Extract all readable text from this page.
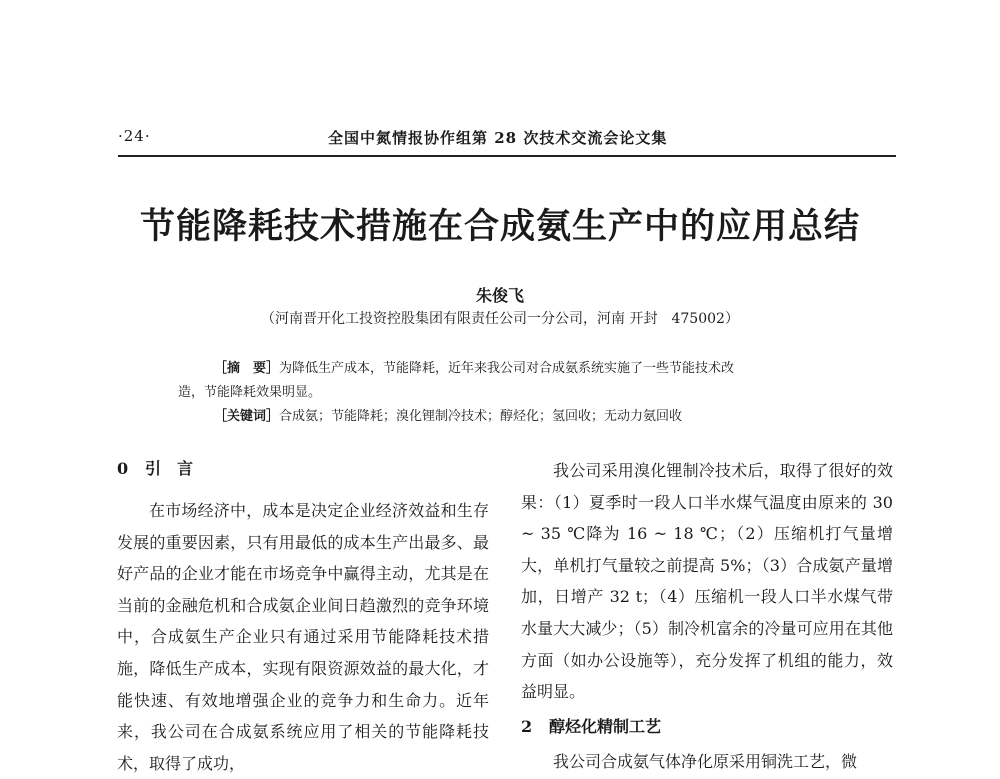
·24·	全国中氮情报协作组第 28 次技术交流会论文集
节能降耗技术措施在合成氨生产中的应用总结
朱俊飞
（河南晋开化工投资控股集团有限责任公司一分公司，河南 开封　475002）
［摘　要］为降低生产成本，节能降耗，近年来我公司对合成氨系统实施了一些节能技术改
造，节能降耗效果明显。
［关键词］合成氨；节能降耗；溴化锂制冷技术；醇烃化；氢回收；无动力氨回收
0 引　言
在市场经济中，成本是决定企业经济效益和生存发展的重要因素，只有用最低的成本生产出最多、最好产品的企业才能在市场竞争中赢得主动，尤其是在当前的金融危机和合成氨企业间日趋激烈的竞争环境中，合成氨生产企业只有通过采用节能降耗技术措施，降低生产成本，实现有限资源效益的最大化，才能快速、有效地增强企业的竞争力和生命力。近年来，我公司在合成氨系统应用了相关的节能降耗技术，取得了成功，
我公司采用溴化锂制冷技术后，取得了很好的效果：（1）夏季时一段人口半水煤气温度由原来的 30 ~ 35 ℃降为 16 ~ 18 ℃；（2）压缩机打气量增大，单机打气量较之前提高 5%；（3）合成氨产量增加，日增产 32 t；（4）压缩机一段人口半水煤气带水量大大减少；（5）制冷机富余的冷量可应用在其他方面（如办公设施等），充分发挥了机组的能力，效益明显。
2 醇烃化精制工艺
我公司合成氨气体净化原采用铜洗工艺，微
